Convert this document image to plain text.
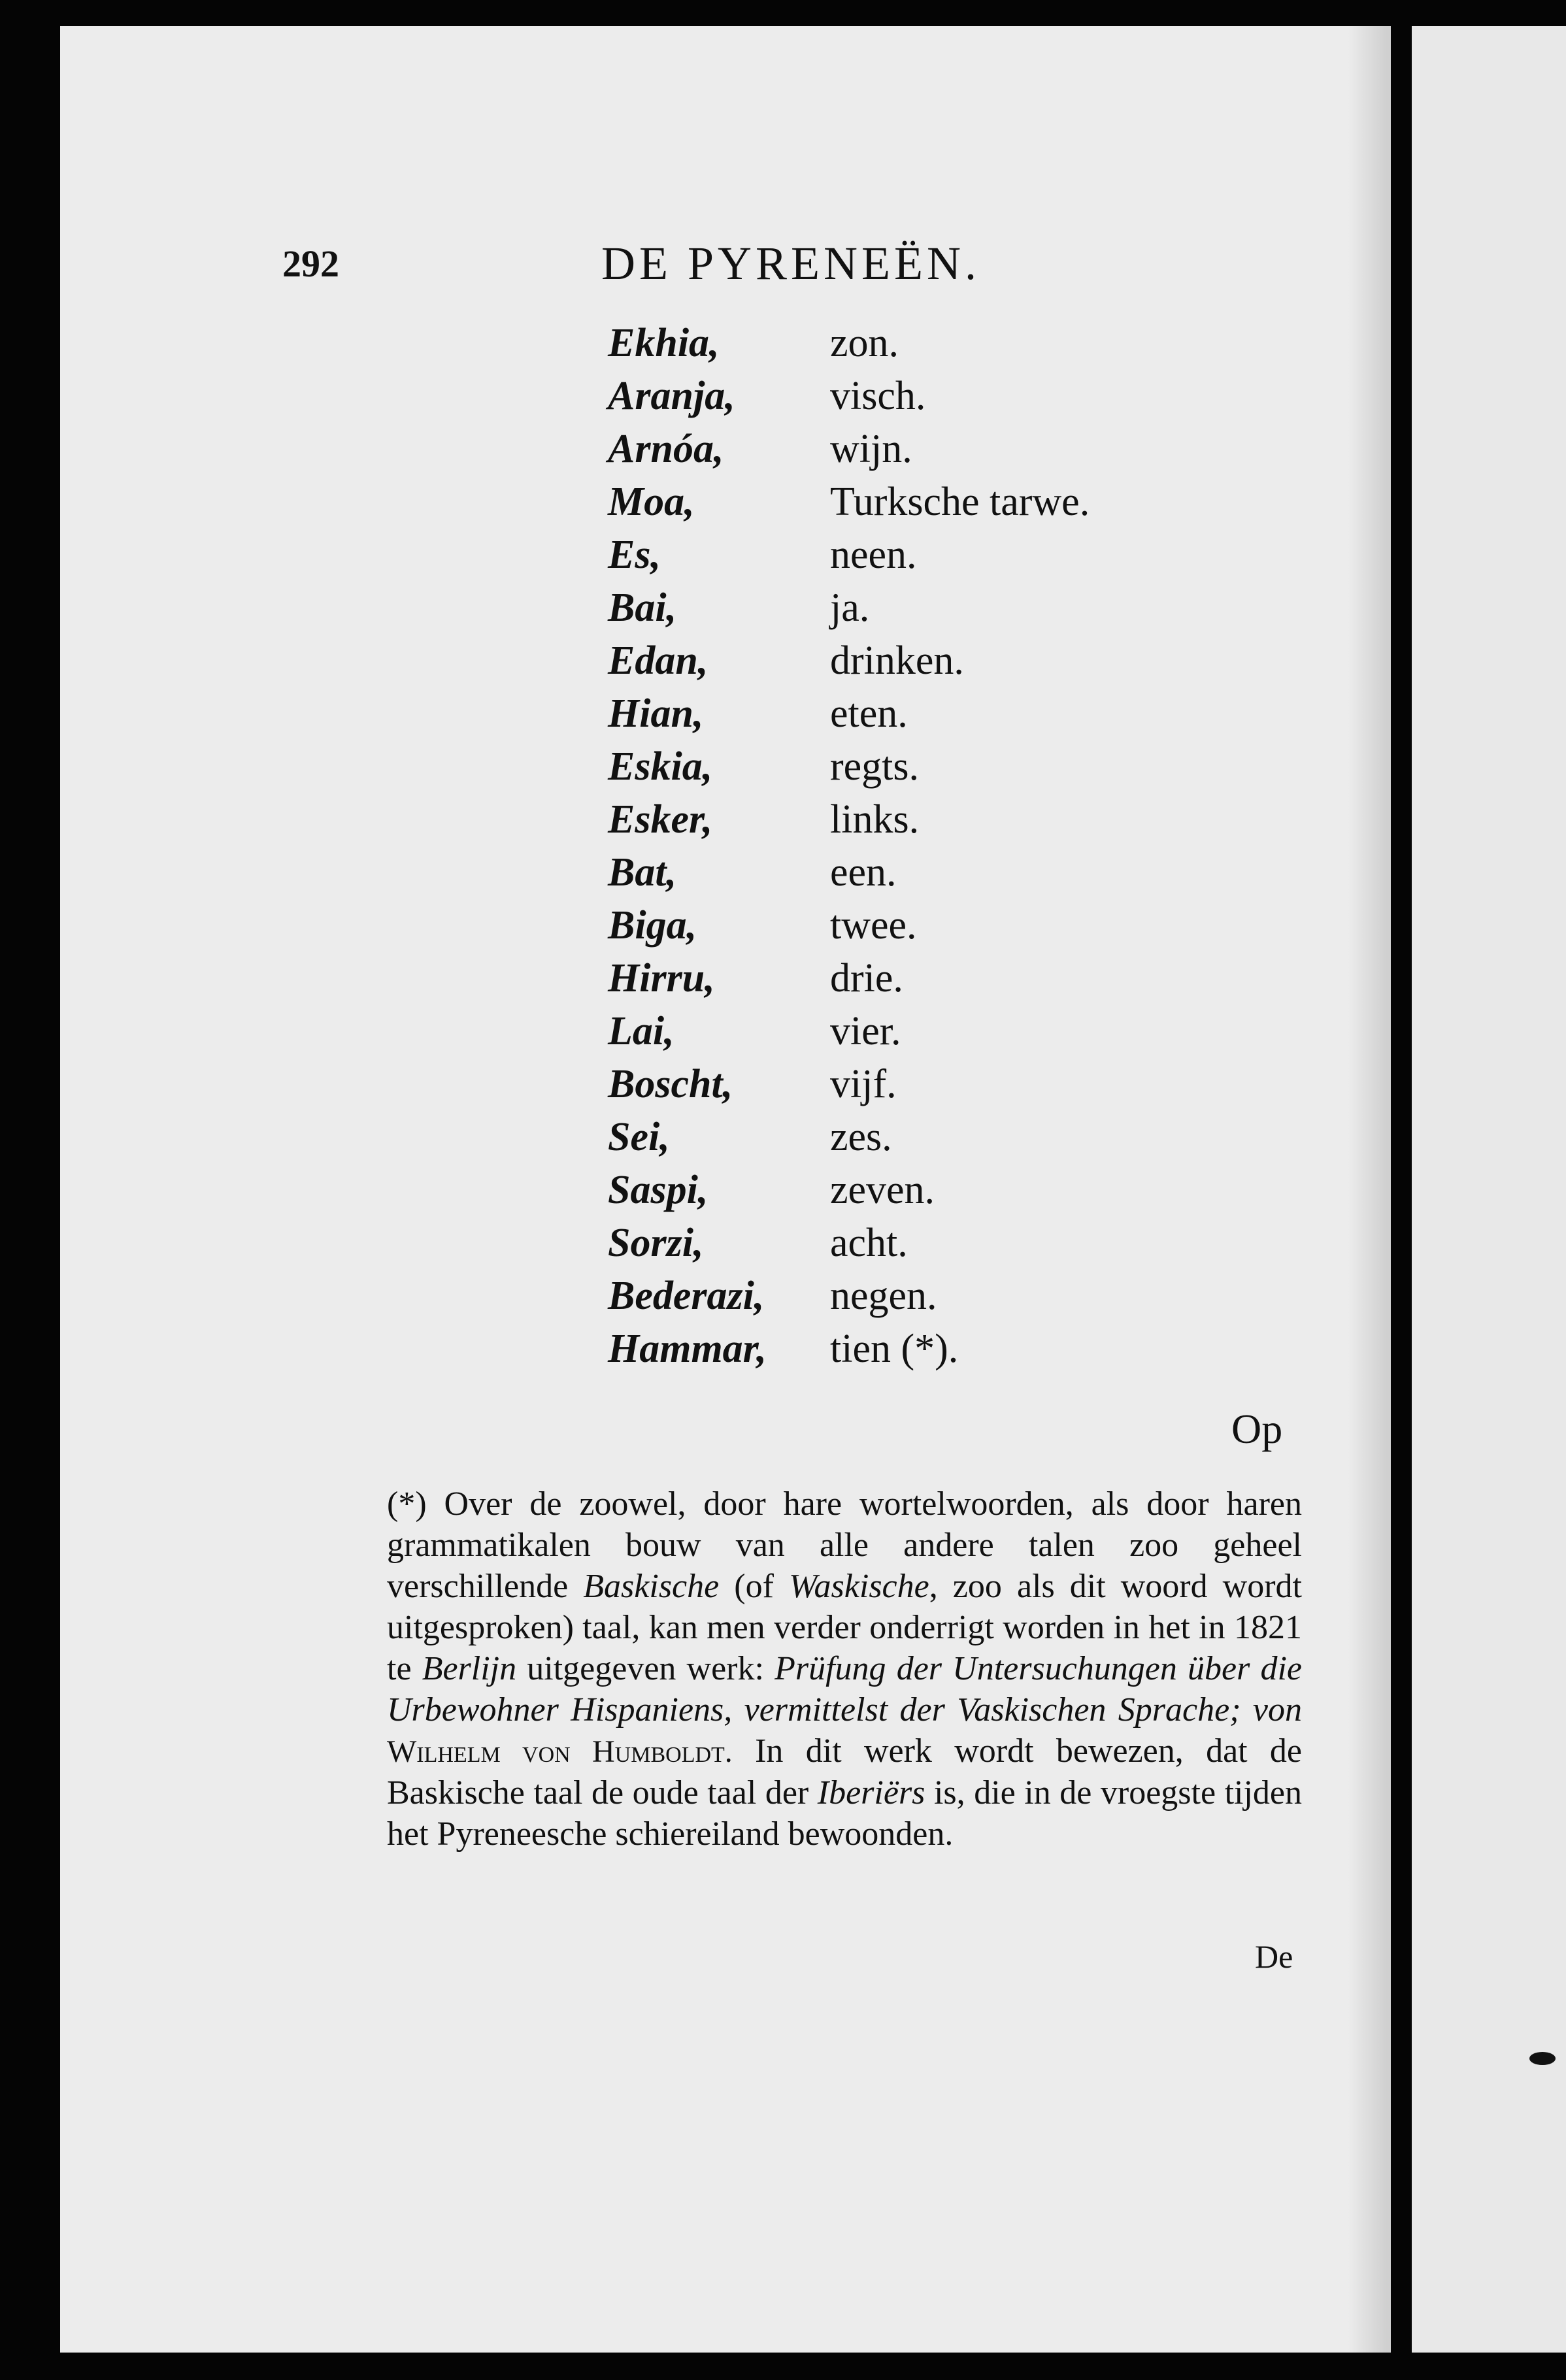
292	DE PYRENEËN.
Ekhia,	zon.
Aranja, visch.
Arnóa,	wijn.
Moa,	Turksche tarwe.
Es,	neen.
Bai,	ja.
Edan,	drinken.
Hian,	eten.
Eskia,	regts.
Esker,	links.
Bat,	een.
Biga,	twee.
Hirru,	drie.
Lai,	vier.
Boscht, vijf.
Sei,	zes.
Saspi,	zeven.
Sorzi,	acht.
Bederazi, negen.
Hammar, tien (*).
Op

(*) Over de zoowel, door hare wortelwoorden, als door haren grammatikalen bouw van alle andere talen zoo geheel verschillende Baskische (of Waskische, zoo als dit woord wordt uitgesproken) taal, kan men verder onderrigt worden in het in 1821 te Berlijn uitgegeven werk: Prüfung der Untersuchungen über die Urbewohner Hispaniens, vermittelst der Vaskischen Sprache; von Wilhelm von Humboldt. In dit werk wordt bewezen, dat de Baskische taal de oude taal der Iberiërs is, die in de vroegste tijden het Pyreneesche schiereiland bewoonden.

De
